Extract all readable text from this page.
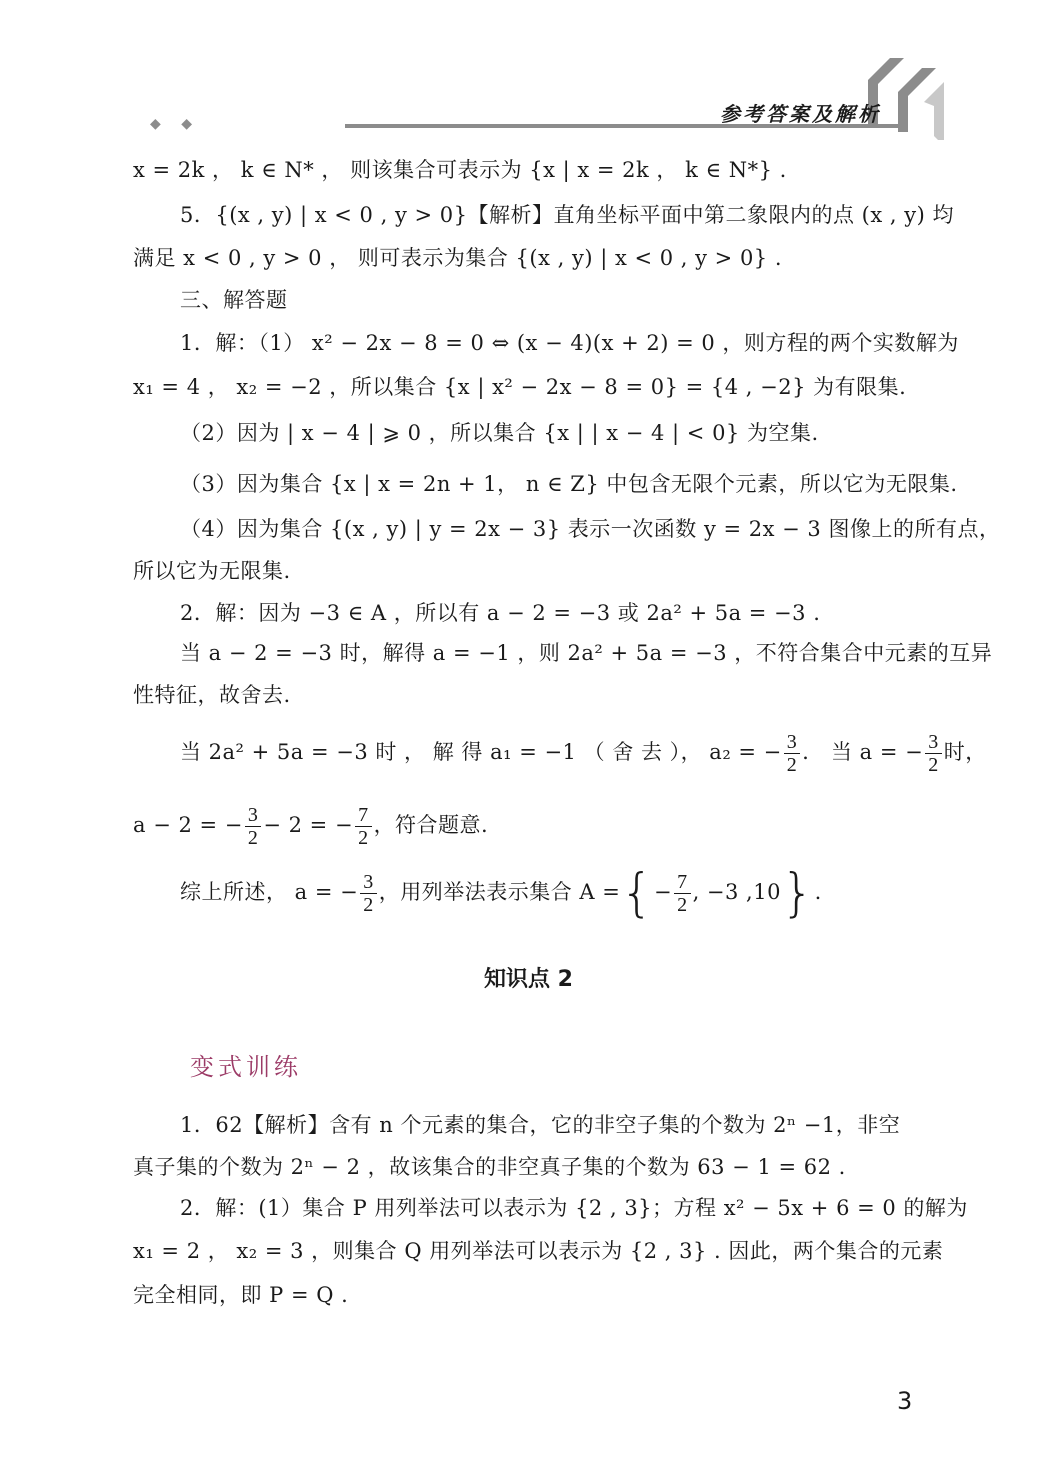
参考答案及解析
◆ ◆
x = 2k ， k ∈ N* ， 则该集合可表示为 {x | x = 2k ， k ∈ N*} .
5．{(x , y) | x < 0 , y > 0}【解析】直角坐标平面中第二象限内的点 (x , y) 均
满足 x < 0 , y > 0 ， 则可表示为集合 {(x , y) | x < 0 , y > 0} .
三、解答题
1．解：（1） x² − 2x − 8 = 0 ⇔ (x − 4)(x + 2) = 0 ，则方程的两个实数解为
x₁ = 4 ， x₂ = −2 ，所以集合 {x | x² − 2x − 8 = 0} = {4 , −2} 为有限集.
（2）因为 | x − 4 | ⩾ 0 ，所以集合 {x | | x − 4 | < 0} 为空集.
（3）因为集合 {x | x = 2n + 1， n ∈ Z} 中包含无限个元素，所以它为无限集.
（4）因为集合 {(x , y) | y = 2x − 3} 表示一次函数 y = 2x − 3 图像上的所有点，
所以它为无限集.
2．解：因为 −3 ∈ A ，所以有 a − 2 = −3 或 2a² + 5a = −3 .
当 a − 2 = −3 时，解得 a = −1 ，则 2a² + 5a = −3 ，不符合集合中元素的互异
性特征，故舍去.
当 2a² + 5a = −3 时 ， 解 得 a₁ = −1 （ 舍 去 ）， a₂ = − $\frac{3}{2}$ ． 当 a = − $\frac{3}{2}$ 时，
a − 2 = − $\frac{3}{2} - 2$ = − $\frac{7}{2}$ ，符合题意.
综上所述， a = − $\frac{3}{2}$ ，用列举法表示集合 A ={− $\frac{7}{2}$ , −3 ,10}.
知识点 2
变式训练
1．62【解析】含有 n 个元素的集合，它的非空子集的个数为 2ⁿ −1，非空
真子集的个数为 2ⁿ − 2 ，故该集合的非空真子集的个数为 63 − 1 = 62 .
2．解：(1）集合 P 用列举法可以表示为 {2 , 3}；方程 x² − 5x + 6 = 0 的解为
x₁ = 2 ， x₂ = 3 ，则集合 Q 用列举法可以表示为 {2 , 3} . 因此，两个集合的元素
完全相同，即 P = Q .
3
